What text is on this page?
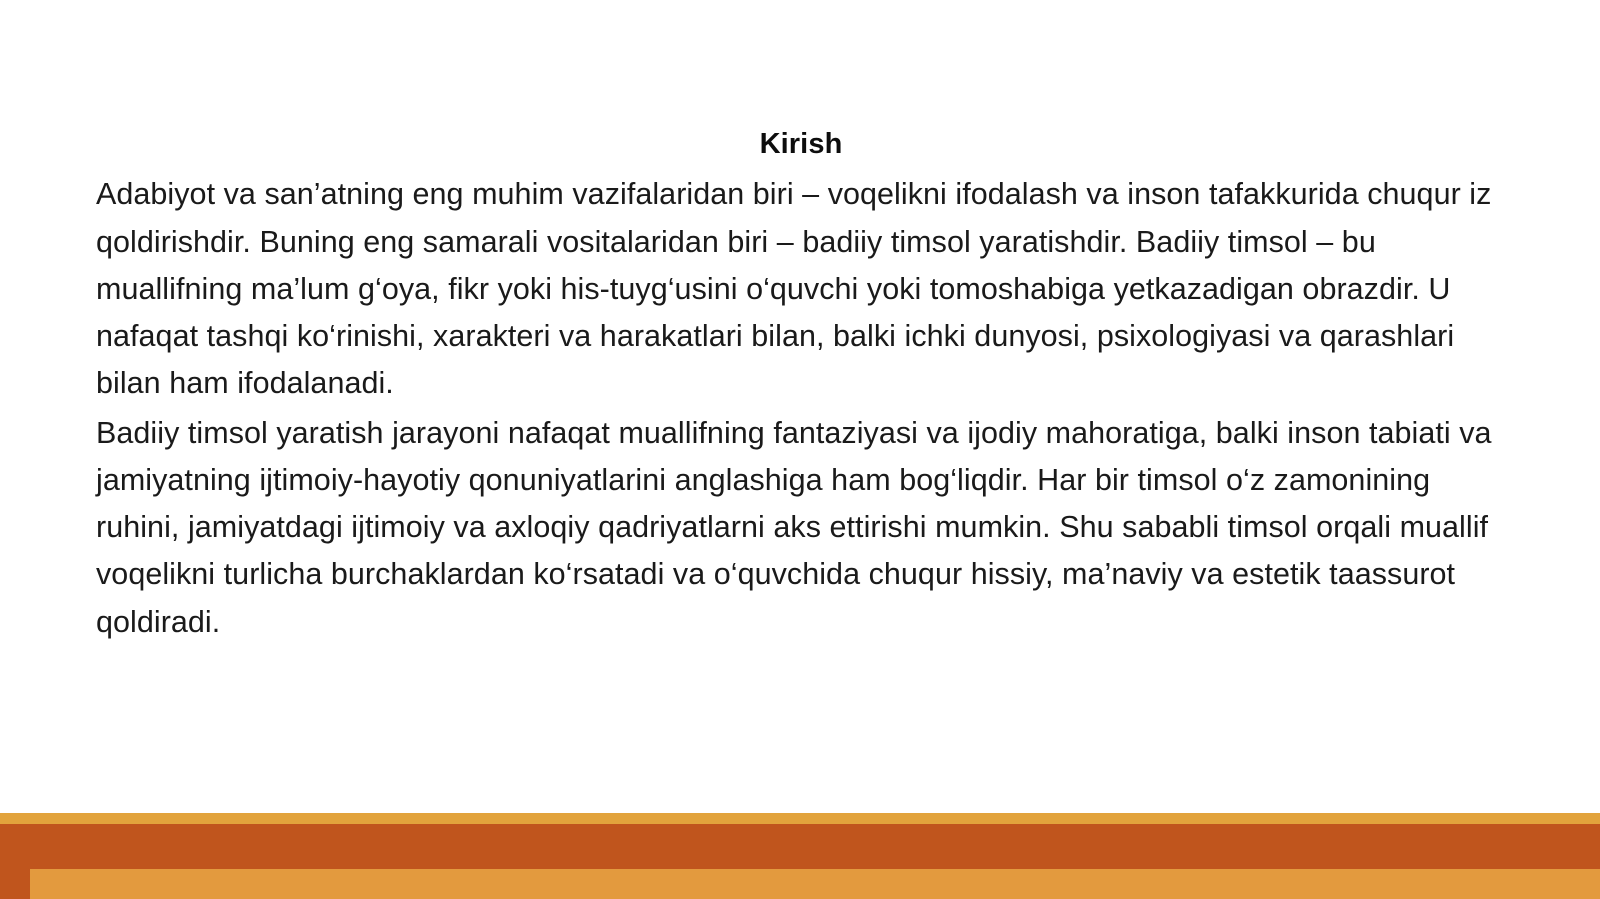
Kirish

Adabiyot va san’atning eng muhim vazifalaridan biri – voqelikni ifodalash va inson tafakkurida chuqur iz qoldirishdir. Buning eng samarali vositalaridan biri – badiiy timsol yaratishdir. Badiiy timsol – bu muallifning ma’lum g‘oya, fikr yoki his-tuyg‘usini o‘quvchi yoki tomoshabiga yetkazadigan obrazdir. U nafaqat tashqi ko‘rinishi, xarakteri va harakatlari bilan, balki ichki dunyosi, psixologiyasi va qarashlari bilan ham ifodalanadi.

Badiiy timsol yaratish jarayoni nafaqat muallifning fantaziyasi va ijodiy mahoratiga, balki inson tabiati va jamiyatning ijtimoiy-hayotiy qonuniyatlarini anglashiga ham bog‘liqdir. Har bir timsol o‘z zamonining ruhini, jamiyatdagi ijtimoiy va axloqiy qadriyatlarni aks ettirishi mumkin. Shu sababli timsol orqali muallif voqelikni turlicha burchaklardan ko‘rsatadi va o‘quvchida chuqur hissiy, ma’naviy va estetik taassurot qoldiradi.
